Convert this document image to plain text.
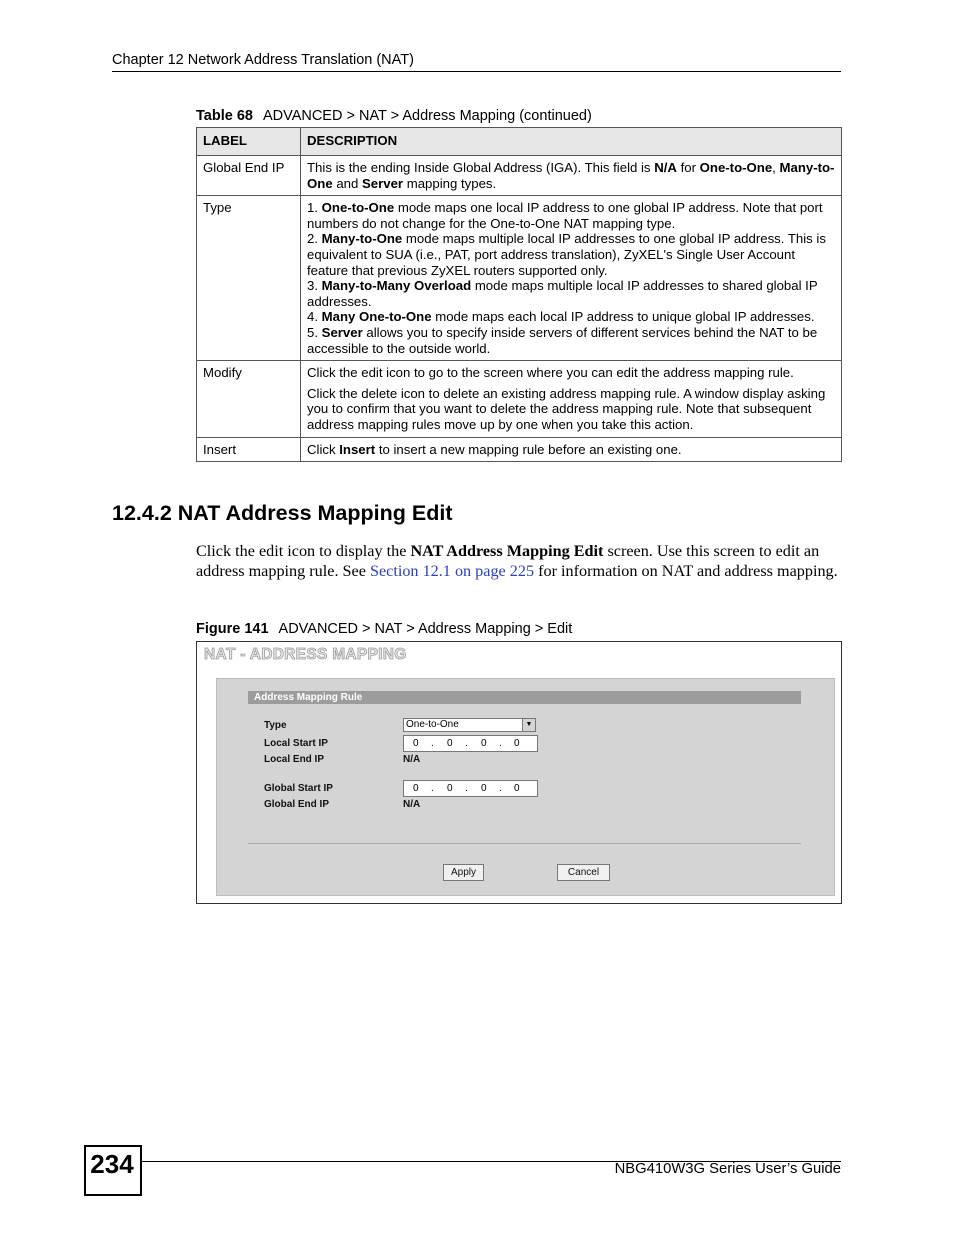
Chapter 12 Network Address Translation (NAT)
Table 68 ADVANCED > NAT > Address Mapping (continued)
LABEL	DESCRIPTION
Global End IP	This is the ending Inside Global Address (IGA). This field is N/A for One-to-One, Many-to-One and Server mapping types.
Type	1. One-to-One mode maps one local IP address to one global IP address. Note that port numbers do not change for the One-to-One NAT mapping type.

2. Many-to-One mode maps multiple local IP addresses to one global IP address. This is equivalent to SUA (i.e., PAT, port address translation), ZyXEL's Single User Account feature that previous ZyXEL routers supported only.

3. Many-to-Many Overload mode maps multiple local IP addresses to shared global IP addresses.

4. Many One-to-One mode maps each local IP address to unique global IP addresses.

5. Server allows you to specify inside servers of different services behind the NAT to be accessible to the outside world.

Modify	Click the edit icon to go to the screen where you can edit the address mapping rule.

Click the delete icon to delete an existing address mapping rule. A window display asking you to confirm that you want to delete the address mapping rule. Note that subsequent address mapping rules move up by one when you take this action.

Insert	Click Insert to insert a new mapping rule before an existing one.
12.4.2 NAT Address Mapping Edit
Click the edit icon to display the NAT Address Mapping Edit screen. Use this screen to edit an address mapping rule. See Section 12.1 on page 225 for information on NAT and address mapping.
Figure 141 ADVANCED > NAT > Address Mapping > Edit
NAT - ADDRESS MAPPING
Address Mapping Rule
Type	One-to-One	▼
Local Start IP	0 . 0 . 0 . 0
Local End IP	N/A
Global Start IP	0 . 0 . 0 . 0
Global End IP	N/A
Apply	Cancel
234	NBG410W3G Series User’s Guide
